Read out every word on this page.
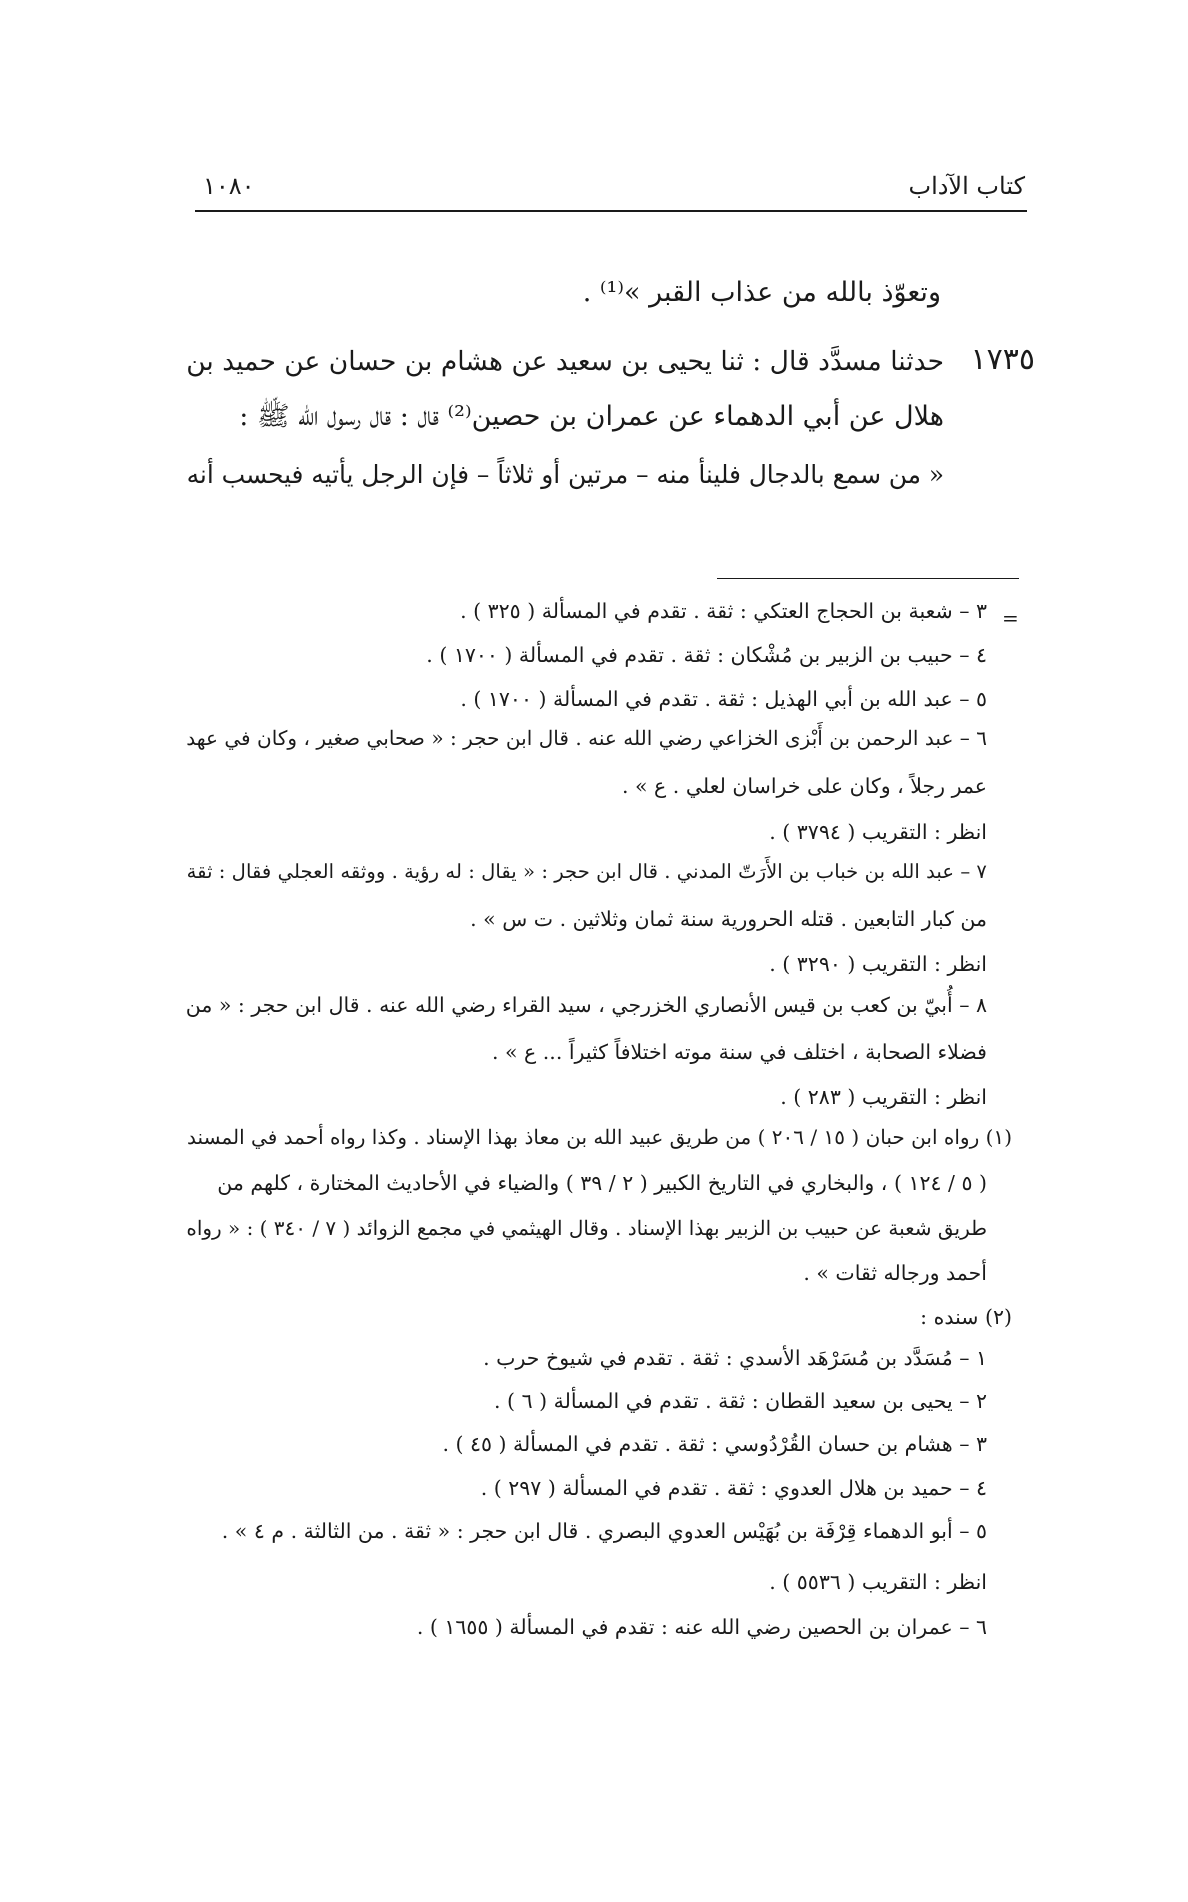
كتاب الآداب
١٠٨٠
وتعوّذ بالله من عذاب القبر »⁽¹⁾ .
١٧٣٥
حدثنا مسدَّد قال : ثنا يحيى بن سعيد عن هشام بن حسان عن حميد بن
هلال عن أبي الدهماء عن عمران بن حصين⁽²⁾ قال : قال رسول الله ﷺ :
« من سمع بالدجال فلينأ منه – مرتين أو ثلاثاً – فإن الرجل يأتيه فيحسب أنه
=
٣ – شعبة بن الحجاج العتكي : ثقة . تقدم في المسألة ( ٣٢٥ ) .
٤ – حبيب بن الزبير بن مُشْكان : ثقة . تقدم في المسألة ( ١٧٠٠ ) .
٥ – عبد الله بن أبي الهذيل : ثقة . تقدم في المسألة ( ١٧٠٠ ) .
٦ – عبد الرحمن بن أَبْزى الخزاعي رضي الله عنه . قال ابن حجر : « صحابي صغير ، وكان في عهد
عمر رجلاً ، وكان على خراسان لعلي . ع » .
انظر : التقريب ( ٣٧٩٤ ) .
٧ – عبد الله بن خباب بن الأَرَتّ المدني . قال ابن حجر : « يقال : له رؤية . ووثقه العجلي فقال : ثقة
من كبار التابعين . قتله الحرورية سنة ثمان وثلاثين . ت س » .
انظر : التقريب ( ٣٢٩٠ ) .
٨ – أُبيّ بن كعب بن قيس الأنصاري الخزرجي ، سيد القراء رضي الله عنه . قال ابن حجر : « من
فضلاء الصحابة ، اختلف في سنة موته اختلافاً كثيراً ... ع » .
انظر : التقريب ( ٢٨٣ ) .
(١) رواه ابن حبان ( ١٥ / ٢٠٦ ) من طريق عبيد الله بن معاذ بهذا الإسناد . وكذا رواه أحمد في المسند
( ٥ / ١٢٤ ) ، والبخاري في التاريخ الكبير ( ٢ / ٣٩ ) والضياء في الأحاديث المختارة ، كلهم من
طريق شعبة عن حبيب بن الزبير بهذا الإسناد . وقال الهيثمي في مجمع الزوائد ( ٧ / ٣٤٠ ) : « رواه
أحمد ورجاله ثقات » .
(٢) سنده :
١ – مُسَدَّد بن مُسَرْهَد الأسدي : ثقة . تقدم في شيوخ حرب .
٢ – يحيى بن سعيد القطان : ثقة . تقدم في المسألة ( ٦ ) .
٣ – هشام بن حسان القُرْدُوسي : ثقة . تقدم في المسألة ( ٤٥ ) .
٤ – حميد بن هلال العدوي : ثقة . تقدم في المسألة ( ٢٩٧ ) .
٥ – أبو الدهماء قِرْفَة بن بُهَيْس العدوي البصري . قال ابن حجر : « ثقة . من الثالثة . م ٤ » .
انظر : التقريب ( ٥٥٣٦ ) .
٦ – عمران بن الحصين رضي الله عنه : تقدم في المسألة ( ١٦٥٥ ) .
